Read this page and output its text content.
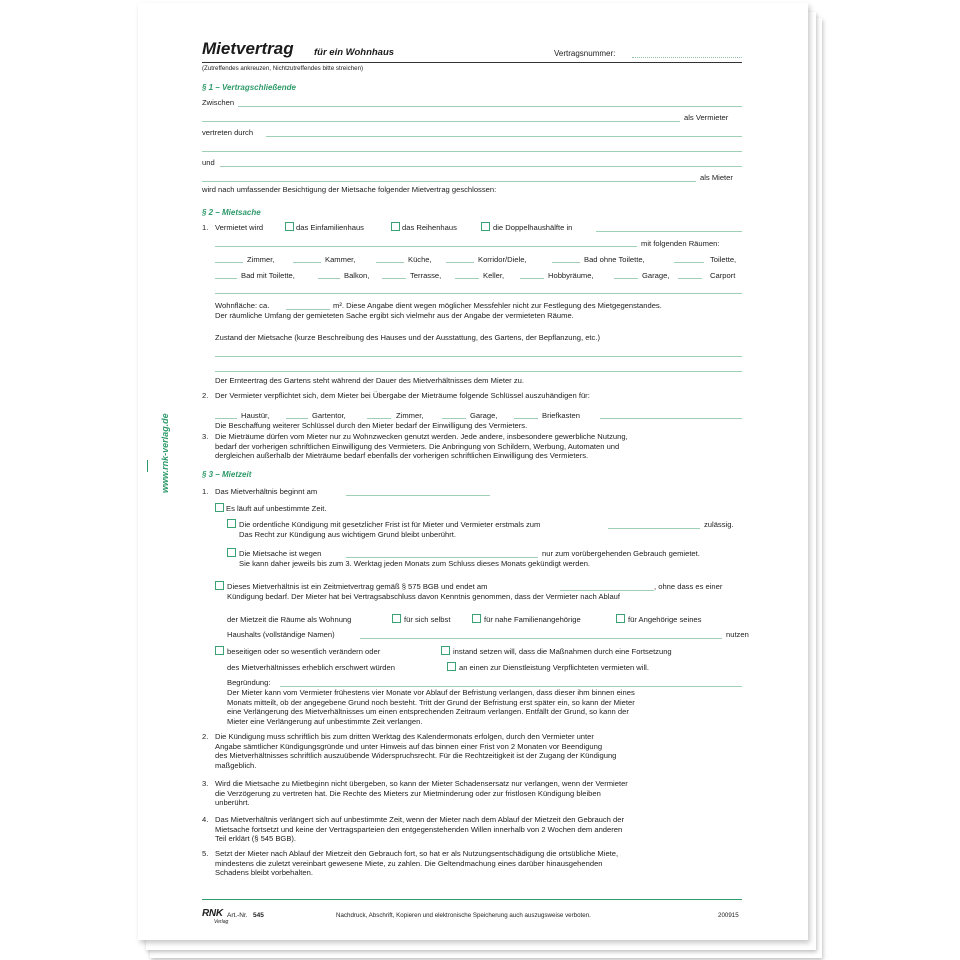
www.rnk-verlag.de
Mietvertrag für ein Wohnhaus	Vertragsnummer:
(Zutreffendes ankreuzen, Nichtzutreffendes bitte streichen)
§ 1 – Vertragschließende
Zwischen
als Vermieter
vertreten durch
und
als Mieter
wird nach umfassender Besichtigung der Mietsache folgender Mietvertrag geschlossen:
§ 2 – Mietsache
1. Vermietet wird	das Einfamilienhaus	das Reihenhaus	die Doppelhaushälfte in
mit folgenden Räumen:
Zimmer,	Kammer,	Küche,	Korridor/Diele,	Bad ohne Toilette,	Toilette,
Bad mit Toilette,	Balkon,	Terrasse,	Keller,	Hobbyräume,	Garage,	Carport
Wohnfläche: ca.	m². Diese Angabe dient wegen möglicher Messfehler nicht zur Festlegung des Mietgegenstandes.
Der räumliche Umfang der gemieteten Sache ergibt sich vielmehr aus der Angabe der vermieteten Räume.
Zustand der Mietsache (kurze Beschreibung des Hauses und der Ausstattung, des Gartens, der Bepflanzung, etc.)
Der Ernteertrag des Gartens steht während der Dauer des Mietverhältnisses dem Mieter zu.
2. Der Vermieter verpflichtet sich, dem Mieter bei Übergabe der Mieträume folgende Schlüssel auszuhändigen für:
Haustür,	Gartentor,	Zimmer,	Garage,	Briefkasten
Die Beschaffung weiterer Schlüssel durch den Mieter bedarf der Einwilligung des Vermieters.
3. Die Mieträume dürfen vom Mieter nur zu Wohnzwecken genutzt werden. Jede andere, insbesondere gewerbliche Nutzung,
bedarf der vorherigen schriftlichen Einwilligung des Vermieters. Die Anbringung von Schildern, Werbung, Automaten und
dergleichen außerhalb der Mieträume bedarf ebenfalls der vorherigen schriftlichen Einwilligung des Vermieters.
§ 3 – Mietzeit
1. Das Mietverhältnis beginnt am
Es läuft auf unbestimmte Zeit.
Die ordentliche Kündigung mit gesetzlicher Frist ist für Mieter und Vermieter erstmals zum	zulässig.
Das Recht zur Kündigung aus wichtigem Grund bleibt unberührt.
Die Mietsache ist wegen	nur zum vorübergehenden Gebrauch gemietet.
Sie kann daher jeweils bis zum 3. Werktag jeden Monats zum Schluss dieses Monats gekündigt werden.
Dieses Mietverhältnis ist ein Zeitmietvertrag gemäß § 575 BGB und endet am	, ohne dass es einer
Kündigung bedarf. Der Mieter hat bei Vertragsabschluss davon Kenntnis genommen, dass der Vermieter nach Ablauf
der Mietzeit die Räume als Wohnung	für sich selbst	für nahe Familienangehörige	für Angehörige seines
Haushalts (vollständige Namen)	nutzen
beseitigen oder so wesentlich verändern oder	instand setzen will, dass die Maßnahmen durch eine Fortsetzung
des Mietverhältnisses erheblich erschwert würden	an einen zur Dienstleistung Verpflichteten vermieten will.
Begründung:
Der Mieter kann vom Vermieter frühestens vier Monate vor Ablauf der Befristung verlangen, dass dieser ihm binnen eines
Monats mitteilt, ob der angegebene Grund noch besteht. Tritt der Grund der Befristung erst später ein, so kann der Mieter
eine Verlängerung des Mietverhältnisses um einen entsprechenden Zeitraum verlangen. Entfällt der Grund, so kann der
Mieter eine Verlängerung auf unbestimmte Zeit verlangen.
2. Die Kündigung muss schriftlich bis zum dritten Werktag des Kalendermonats erfolgen, durch den Vermieter unter
Angabe sämtlicher Kündigungsgründe und unter Hinweis auf das binnen einer Frist von 2 Monaten vor Beendigung
des Mietverhältnisses schriftlich auszuübende Widerspruchsrecht. Für die Rechtzeitigkeit ist der Zugang der Kündigung
maßgeblich.
3. Wird die Mietsache zu Mietbeginn nicht übergeben, so kann der Mieter Schadensersatz nur verlangen, wenn der Vermieter
die Verzögerung zu vertreten hat. Die Rechte des Mieters zur Mietminderung oder zur fristlosen Kündigung bleiben
unberührt.
4. Das Mietverhältnis verlängert sich auf unbestimmte Zeit, wenn der Mieter nach dem Ablauf der Mietzeit den Gebrauch der
Mietsache fortsetzt und keine der Vertragsparteien den entgegenstehenden Willen innerhalb von 2 Wochen dem anderen
Teil erklärt (§ 545 BGB).
5. Setzt der Mieter nach Ablauf der Mietzeit den Gebrauch fort, so hat er als Nutzungsentschädigung die ortsübliche Miete,
mindestens die zuletzt vereinbart gewesene Miete, zu zahlen. Die Geltendmachung eines darüber hinausgehenden
Schadens bleibt vorbehalten.
RNK
Verlag
Art.-Nr. 545	Nachdruck, Abschrift, Kopieren und elektronische Speicherung auch auszugsweise verboten.	200915
